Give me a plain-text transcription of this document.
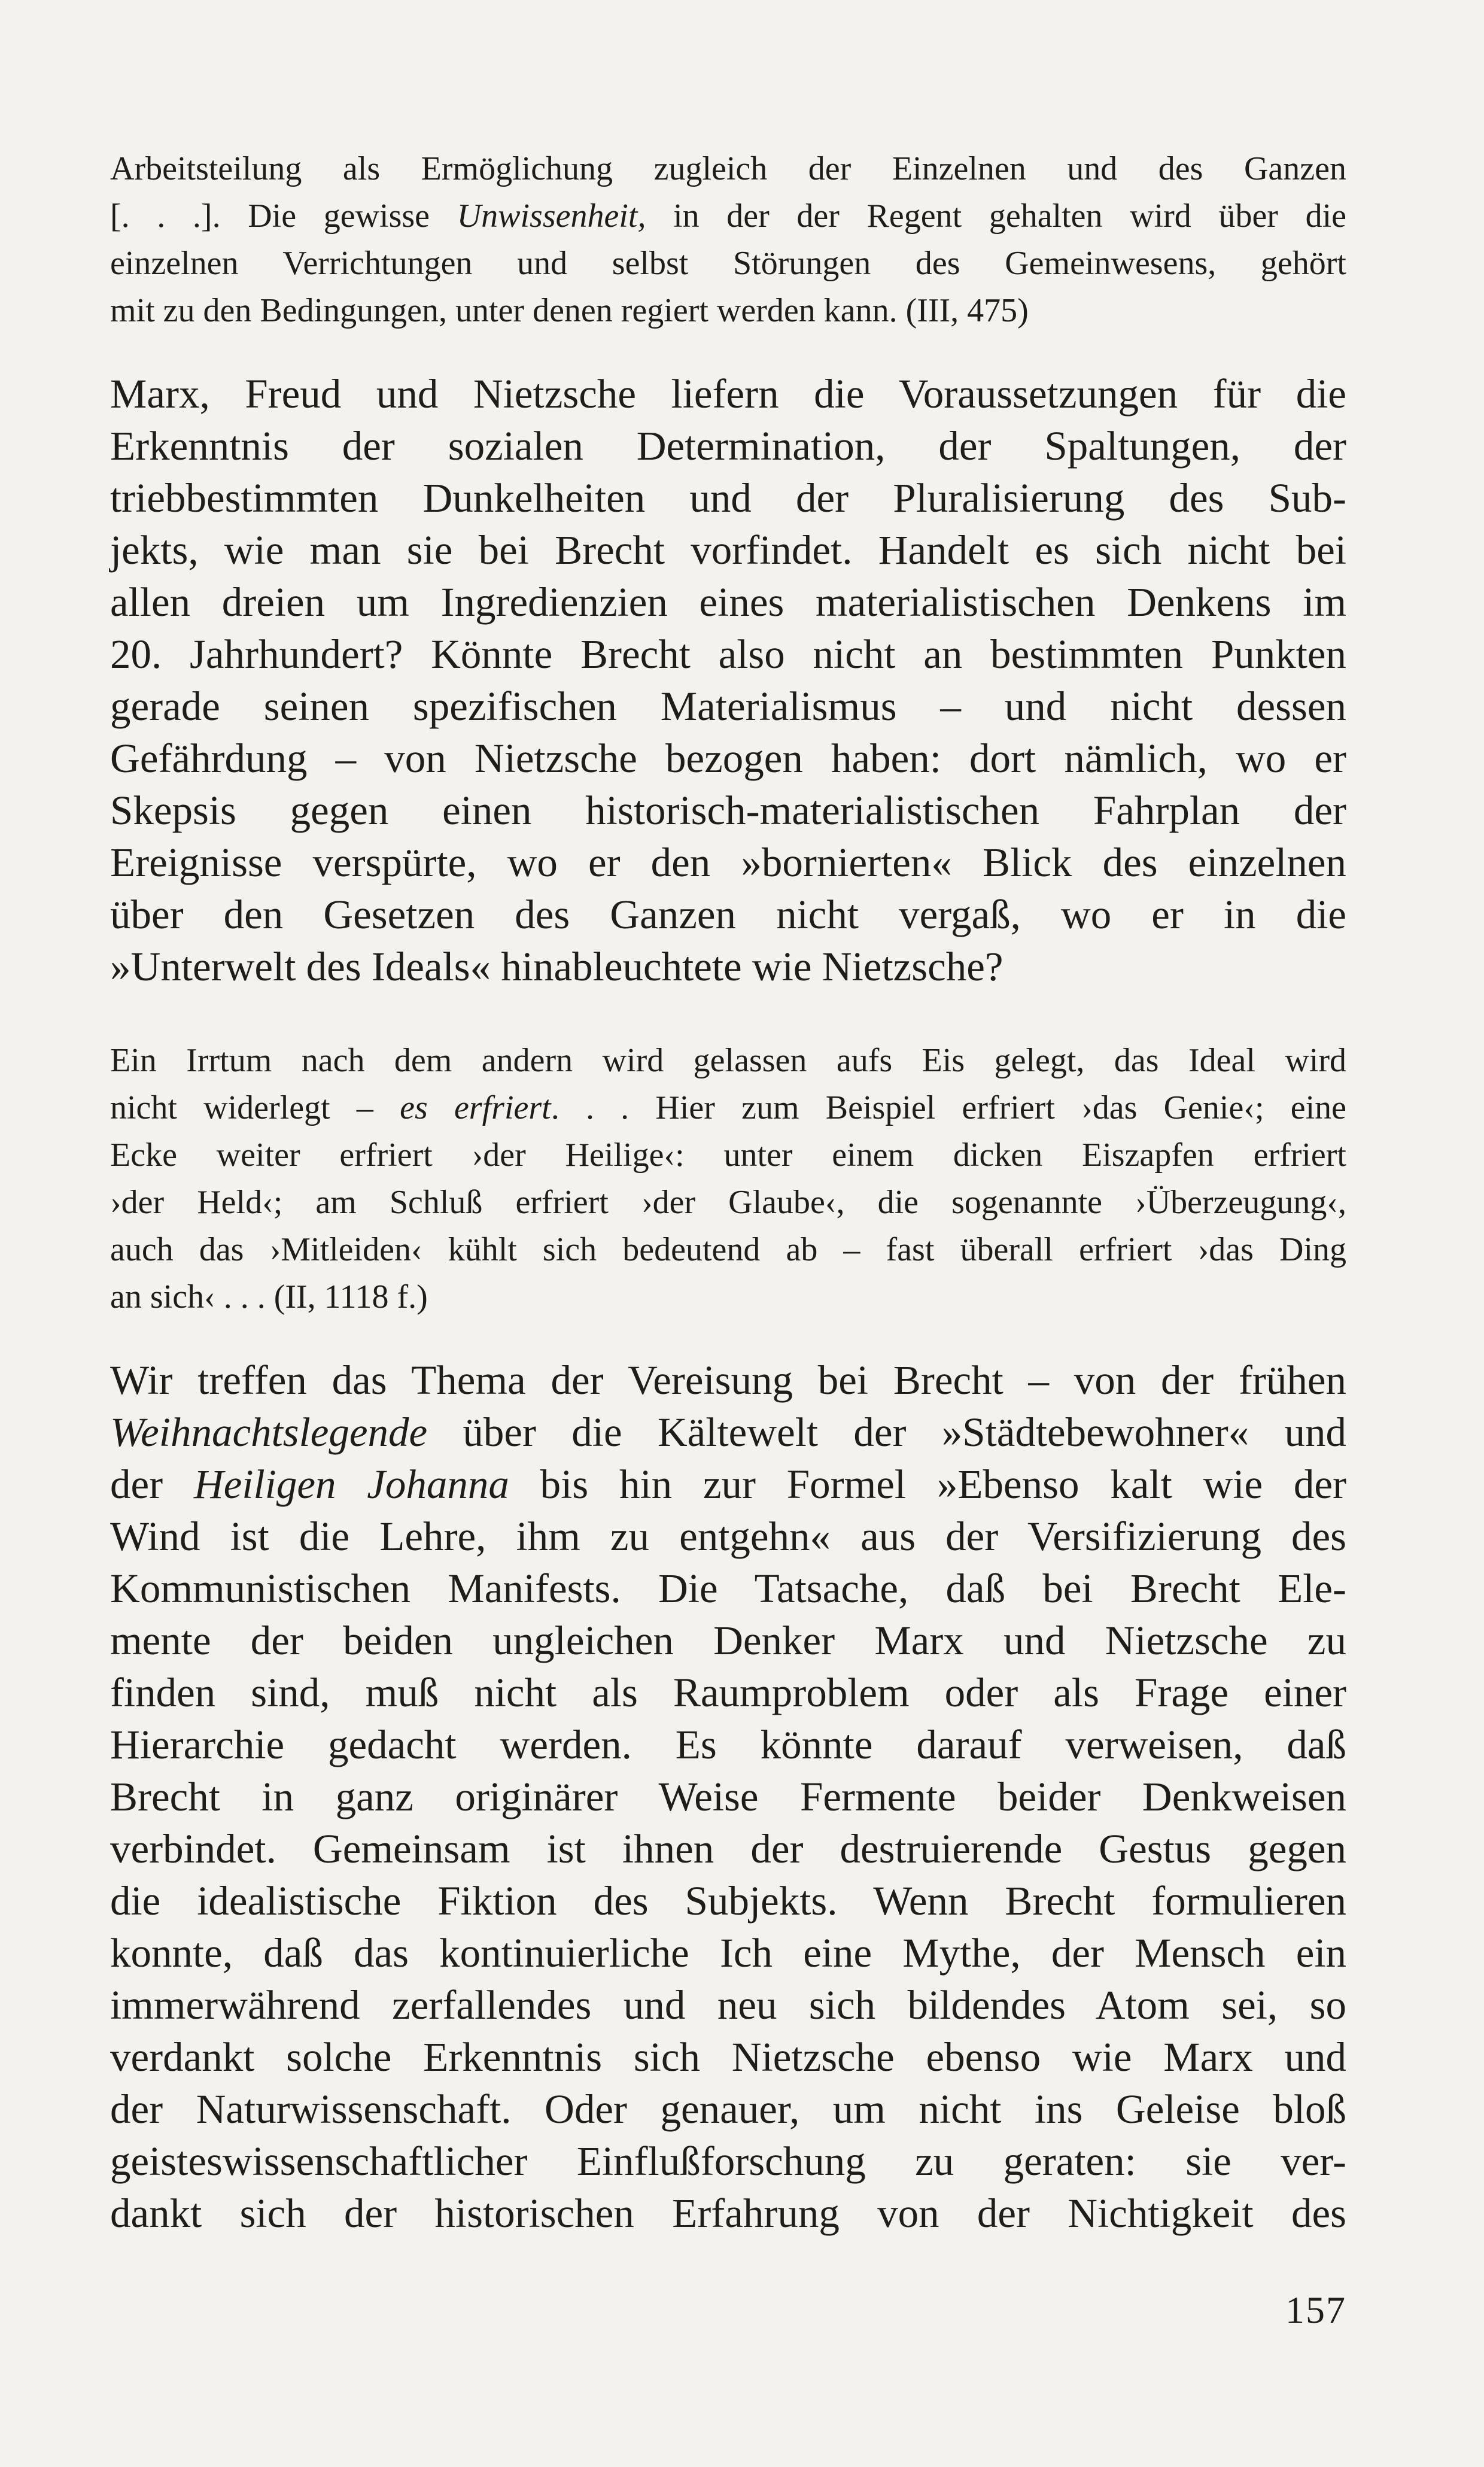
Arbeitsteilung als Ermöglichung zugleich der Einzelnen und des Ganzen
[. . .]. Die gewisse Unwissenheit, in der der Regent gehalten wird über die
einzelnen Verrichtungen und selbst Störungen des Gemeinwesens, gehört
mit zu den Bedingungen, unter denen regiert werden kann. (III, 475)
Marx, Freud und Nietzsche liefern die Voraussetzungen für die
Erkenntnis der sozialen Determination, der Spaltungen, der
triebbestimmten Dunkelheiten und der Pluralisierung des Sub-
jekts, wie man sie bei Brecht vorfindet. Handelt es sich nicht bei
allen dreien um Ingredienzien eines materialistischen Denkens im
20. Jahrhundert? Könnte Brecht also nicht an bestimmten Punkten
gerade seinen spezifischen Materialismus – und nicht dessen
Gefährdung – von Nietzsche bezogen haben: dort nämlich, wo er
Skepsis gegen einen historisch-materialistischen Fahrplan der
Ereignisse verspürte, wo er den »bornierten« Blick des einzelnen
über den Gesetzen des Ganzen nicht vergaß, wo er in die
»Unterwelt des Ideals« hinableuchtete wie Nietzsche?
Ein Irrtum nach dem andern wird gelassen aufs Eis gelegt, das Ideal wird
nicht widerlegt – es erfriert. . . Hier zum Beispiel erfriert ›das Genie‹; eine
Ecke weiter erfriert ›der Heilige‹: unter einem dicken Eiszapfen erfriert
›der Held‹; am Schluß erfriert ›der Glaube‹, die sogenannte ›Überzeugung‹,
auch das ›Mitleiden‹ kühlt sich bedeutend ab – fast überall erfriert ›das Ding
an sich‹ . . . (II, 1118 f.)
Wir treffen das Thema der Vereisung bei Brecht – von der frühen
Weihnachtslegende über die Kältewelt der »Städtebewohner« und
der Heiligen Johanna bis hin zur Formel »Ebenso kalt wie der
Wind ist die Lehre, ihm zu entgehn« aus der Versifizierung des
Kommunistischen Manifests. Die Tatsache, daß bei Brecht Ele-
mente der beiden ungleichen Denker Marx und Nietzsche zu
finden sind, muß nicht als Raumproblem oder als Frage einer
Hierarchie gedacht werden. Es könnte darauf verweisen, daß
Brecht in ganz originärer Weise Fermente beider Denkweisen
verbindet. Gemeinsam ist ihnen der destruierende Gestus gegen
die idealistische Fiktion des Subjekts. Wenn Brecht formulieren
konnte, daß das kontinuierliche Ich eine Mythe, der Mensch ein
immerwährend zerfallendes und neu sich bildendes Atom sei, so
verdankt solche Erkenntnis sich Nietzsche ebenso wie Marx und
der Naturwissenschaft. Oder genauer, um nicht ins Geleise bloß
geisteswissenschaftlicher Einflußforschung zu geraten: sie ver-
dankt sich der historischen Erfahrung von der Nichtigkeit des
157
